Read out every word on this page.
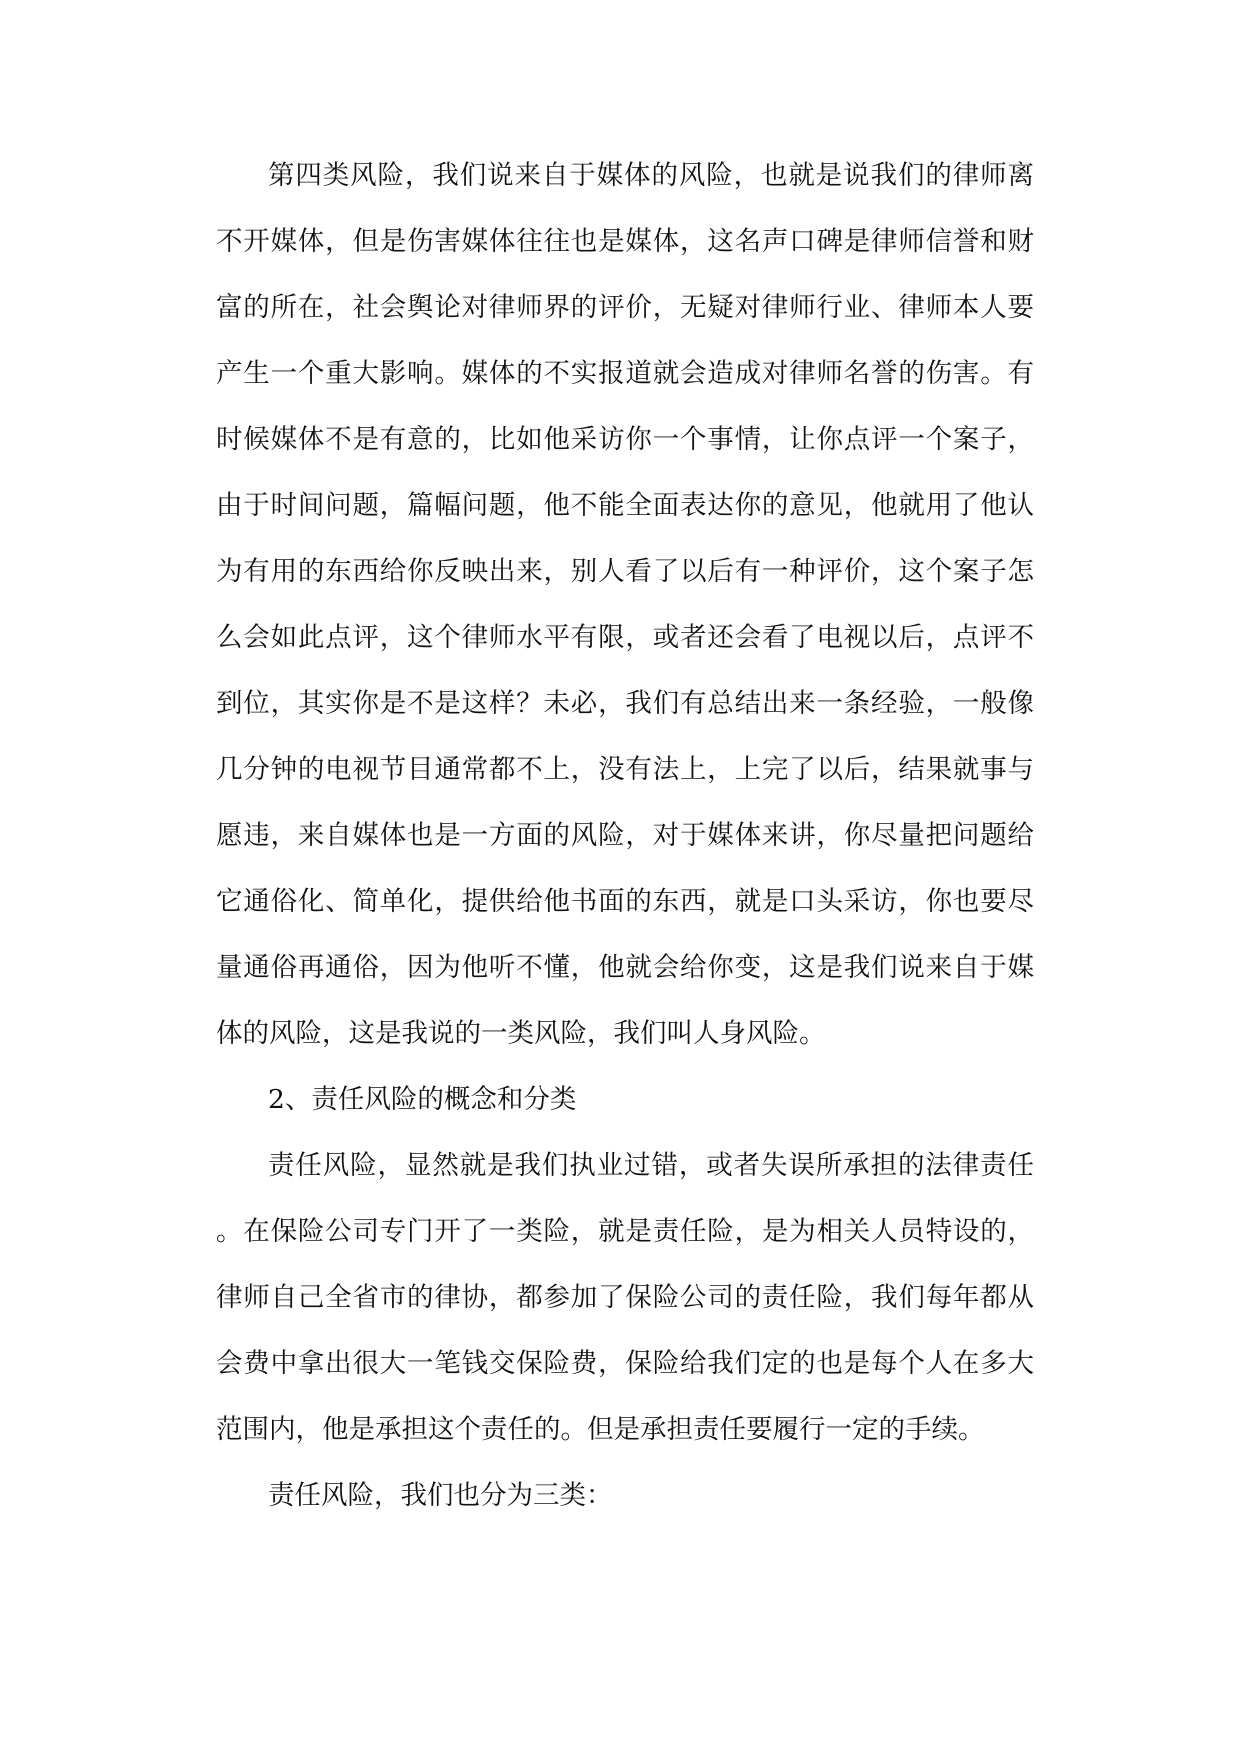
第四类风险，我们说来自于媒体的风险，也就是说我们的律师离
不开媒体，但是伤害媒体往往也是媒体，这名声口碑是律师信誉和财
富的所在，社会舆论对律师界的评价，无疑对律师行业、律师本人要
产生一个重大影响。媒体的不实报道就会造成对律师名誉的伤害。有
时候媒体不是有意的，比如他采访你一个事情，让你点评一个案子，
由于时间问题，篇幅问题，他不能全面表达你的意见，他就用了他认
为有用的东西给你反映出来，别人看了以后有一种评价，这个案子怎
么会如此点评，这个律师水平有限，或者还会看了电视以后，点评不
到位，其实你是不是这样？未必，我们有总结出来一条经验，一般像
几分钟的电视节目通常都不上，没有法上，上完了以后，结果就事与
愿违，来自媒体也是一方面的风险，对于媒体来讲，你尽量把问题给
它通俗化、简单化，提供给他书面的东西，就是口头采访，你也要尽
量通俗再通俗，因为他听不懂，他就会给你变，这是我们说来自于媒
体的风险，这是我说的一类风险，我们叫人身风险。
2、责任风险的概念和分类
责任风险，显然就是我们执业过错，或者失误所承担的法律责任
。在保险公司专门开了一类险，就是责任险，是为相关人员特设的，
律师自己全省市的律协，都参加了保险公司的责任险，我们每年都从
会费中拿出很大一笔钱交保险费，保险给我们定的也是每个人在多大
范围内，他是承担这个责任的。但是承担责任要履行一定的手续。
责任风险，我们也分为三类：
